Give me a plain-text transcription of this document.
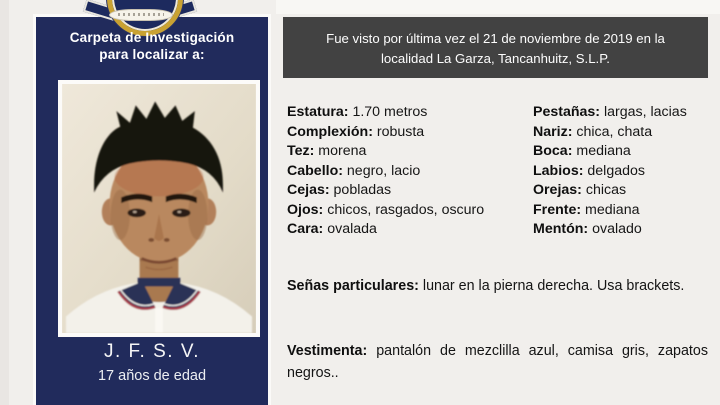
Carpeta de Investigación
para localizar a:
J. F. S. V.
17 años de edad
Fue visto por última vez el 21 de noviembre de 2019 en la
localidad La Garza, Tancanhuitz, S.L.P.
Estatura: 1.70 metros
Complexión: robusta
Tez: morena
Cabello: negro, lacio
Cejas: pobladas
Ojos: chicos, rasgados, oscuro
Cara: ovalada
Pestañas: largas, lacias
Nariz: chica, chata
Boca: mediana
Labios: delgados
Orejas: chicas
Frente: mediana
Mentón: ovalado
Señas particulares: lunar en la pierna derecha. Usa brackets.
Vestimenta: pantalón de mezclilla azul, camisa gris, zapatos negros..
